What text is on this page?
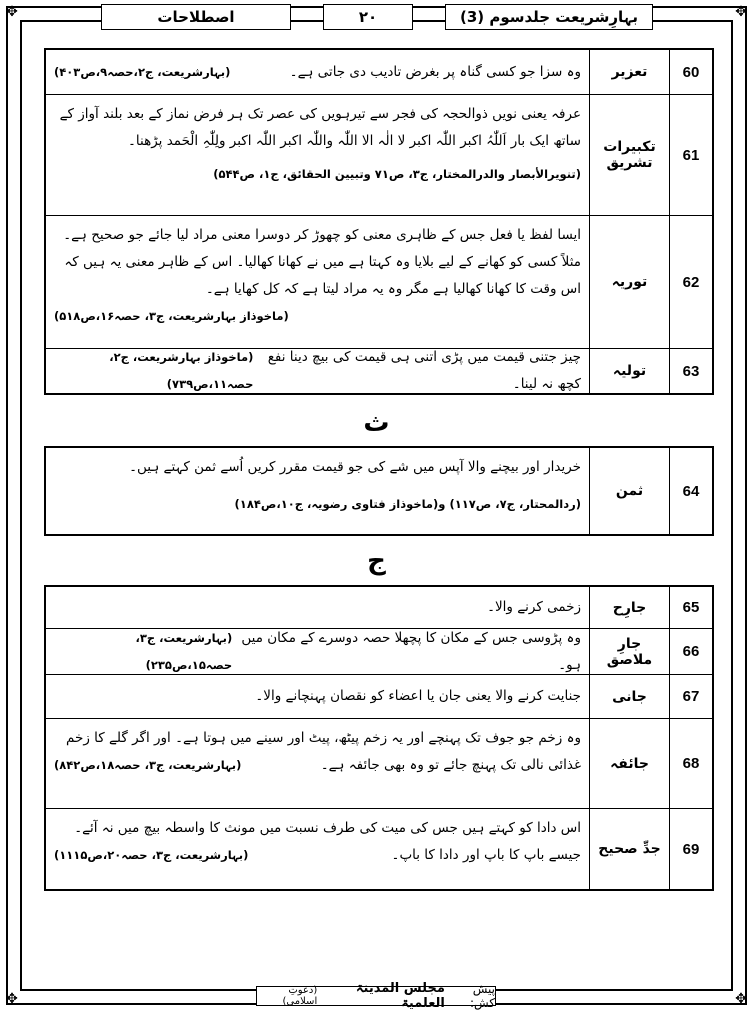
✥	✥
✥	✥
بہارِشریعت جلدسوم (3)
۲۰
اصطلاحات
60
تعزیر
وہ سزا جو کسی گناہ پر بغرض تادیب دی جاتی ہے۔
(بہارشریعت، ج۲،حصہ۹،ص۴۰۳)
61
تکبیرات تشریق
عرفہ یعنی نویں ذوالحجہ کی فجر سے تیرہویں کی عصر تک ہر فرض نماز کے بعد بلند آواز کے ساتھ ایک بار اَللّٰہُ اکبر اللّٰہ اکبر لا الٰہ الا اللّٰہ واللّٰہ اکبر اللّٰہ اکبر ولِلّٰہِ الْحَمد پڑھنا۔
(تنویرالأبصار والدرالمختار، ج۳، ص۷۱ وتبیین الحقائق، ج۱، ص۵۴۴)
62
توریہ
ایسا لفظ یا فعل جس کے ظاہری معنی کو چھوڑ کر دوسرا معنی مراد لیا جائے جو صحیح ہے۔ مثلاً کسی کو کھانے کے لیے بلایا وہ کہتا ہے میں نے کھانا کھالیا۔ اس کے ظاہر معنی یہ ہیں کہ اس وقت کا کھانا کھالیا ہے مگر وہ یہ مراد لیتا ہے کہ کل کھایا ہے۔
(ماخوذاز بہارشریعت، ج۳، حصہ۱۶،ص۵۱۸)
63
تولیہ
چیز جتنی قیمت میں پڑی اتنی ہی قیمت کی بیچ دینا نفع کچھ نہ لینا۔
(ماخوذاز بہارشریعت، ج۲، حصہ۱۱،ص۷۳۹)
ث
64
ثمن
خریدار اور بیچنے والا آپس میں شے کی جو قیمت مقرر کریں اُسے ثمن کہتے ہیں۔
(ردالمحتار، ج۷، ص۱۱۷) و(ماخوذاز فتاوی رضویہ، ج۱۰،ص۱۸۴)
ج
65
جارِح
زخمی کرنے والا۔
66
جارِ ملاصق
وہ پڑوسی جس کے مکان کا پچھلا حصہ دوسرے کے مکان میں ہو۔
(بہارشریعت، ج۳، حصہ۱۵،ص۲۳۵)
67
جانی
جنایت کرنے والا یعنی جان یا اعضاء کو نقصان پہنچانے والا۔
68
جائفہ
وہ زخم جو جوف تک پہنچے اور یہ زخم پیٹھ، پیٹ اور سینے میں ہوتا ہے۔ اور اگر گلے کا زخم غذائی نالی تک پہنچ جائے تو وہ بھی جائفہ ہے۔
(بہارشریعت، ج۳، حصہ۱۸،ص۸۴۲)
69
جدِّ صحیح
اس دادا کو کہتے ہیں جس کی میت کی طرف نسبت میں مونث کا واسطہ بیچ میں نہ آئے۔ جیسے باپ کا باپ اور دادا کا باپ۔
(بہارشریعت، ج۳، حصہ۲۰،ص۱۱۱۵)
پیش کش:
مجلس المدینۃ العلمیۃ
(دعوتِ اسلامی)
